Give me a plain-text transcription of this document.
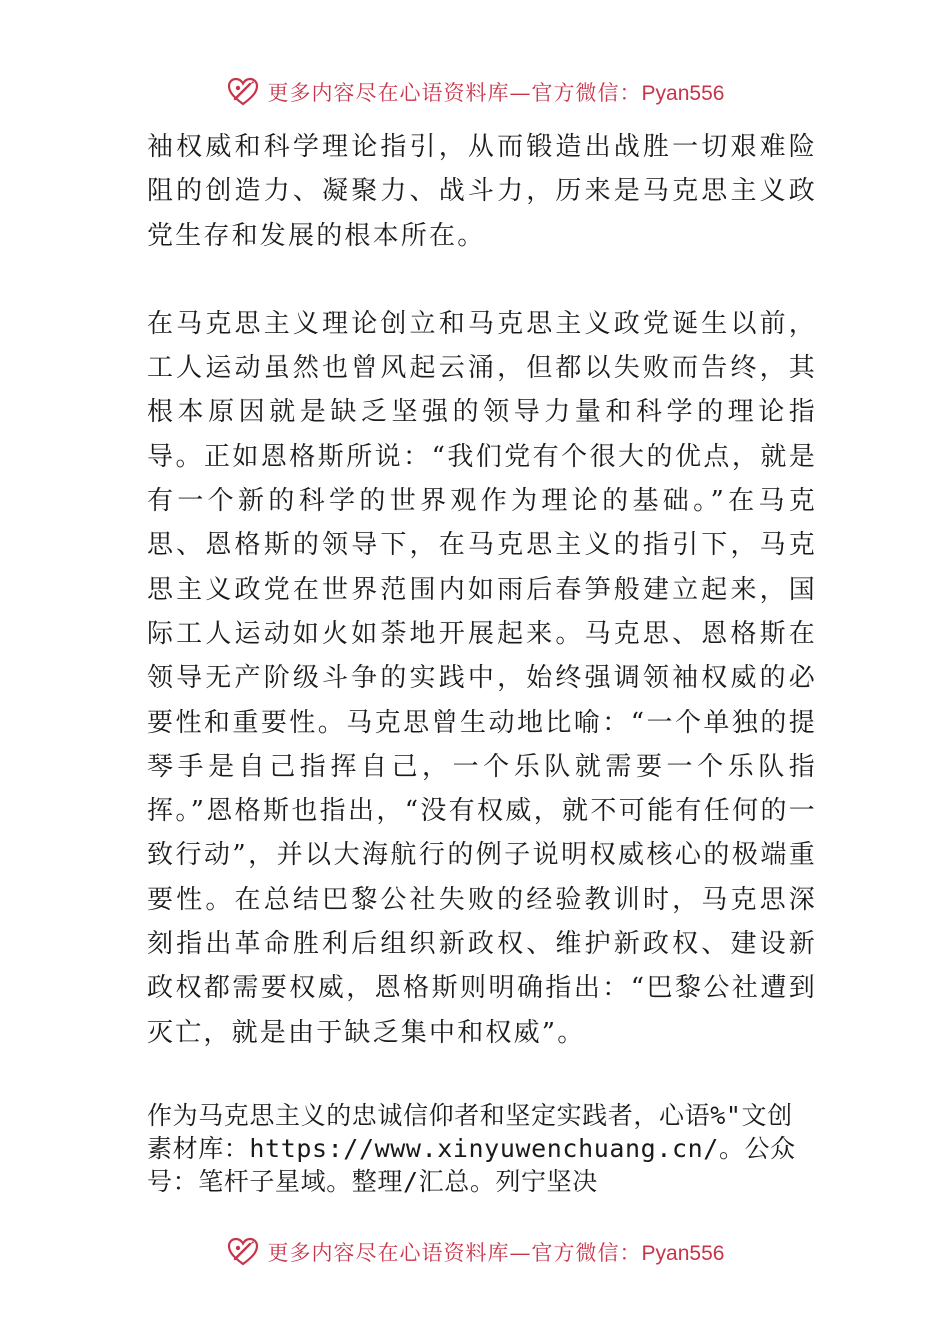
更多内容尽在心语资料库—官方微信：Pyan556

袖权威和科学理论指引，从而锻造出战胜一切艰难险阻的创造力、凝聚力、战斗力，历来是马克思主义政党生存和发展的根本所在。

在马克思主义理论创立和马克思主义政党诞生以前，工人运动虽然也曾风起云涌，但都以失败而告终，其根本原因就是缺乏坚强的领导力量和科学的理论指导。正如恩格斯所说：“我们党有个很大的优点，就是有一个新的科学的世界观作为理论的基础。”在马克思、恩格斯的领导下，在马克思主义的指引下，马克思主义政党在世界范围内如雨后春笋般建立起来，国际工人运动如火如荼地开展起来。马克思、恩格斯在领导无产阶级斗争的实践中，始终强调领袖权威的必要性和重要性。马克思曾生动地比喻：“一个单独的提琴手是自己指挥自己，一个乐队就需要一个乐队指挥。”恩格斯也指出，“没有权威，就不可能有任何的一致行动”，并以大海航行的例子说明权威核心的极端重要性。在总结巴黎公社失败的经验教训时，马克思深刻指出革命胜利后组织新政权、维护新政权、建设新政权都需要权威，恩格斯则明确指出：“巴黎公社遭到灭亡，就是由于缺乏集中和权威”。

作为马克思主义的忠诚信仰者和坚定实践者，心语%"文创素材库：https://www.xinyuwenchuang.cn/。公众号：笔杆子星域。整理/汇总。列宁坚决

更多内容尽在心语资料库—官方微信：Pyan556
